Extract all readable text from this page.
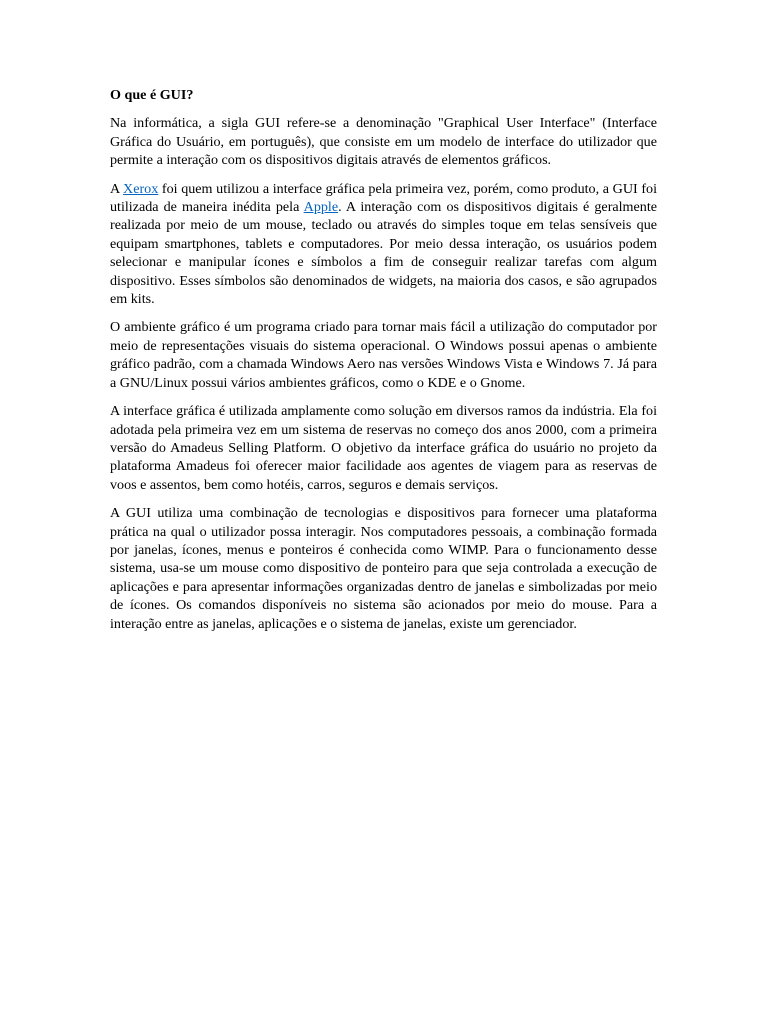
O que é GUI?

Na informática, a sigla GUI refere-se a denominação "Graphical User Interface" (Interface Gráfica do Usuário, em português), que consiste em um modelo de interface do utilizador que permite a interação com os dispositivos digitais através de elementos gráficos.

A Xerox foi quem utilizou a interface gráfica pela primeira vez, porém, como produto, a GUI foi utilizada de maneira inédita pela Apple. A interação com os dispositivos digitais é geralmente realizada por meio de um mouse, teclado ou através do simples toque em telas sensíveis que equipam smartphones, tablets e computadores. Por meio dessa interação, os usuários podem selecionar e manipular ícones e símbolos a fim de conseguir realizar tarefas com algum dispositivo. Esses símbolos são denominados de widgets, na maioria dos casos, e são agrupados em kits.

O ambiente gráfico é um programa criado para tornar mais fácil a utilização do computador por meio de representações visuais do sistema operacional. O Windows possui apenas o ambiente gráfico padrão, com a chamada Windows Aero nas versões Windows Vista e Windows 7. Já para a GNU/Linux possui vários ambientes gráficos, como o KDE e o Gnome.

A interface gráfica é utilizada amplamente como solução em diversos ramos da indústria. Ela foi adotada pela primeira vez em um sistema de reservas no começo dos anos 2000, com a primeira versão do Amadeus Selling Platform. O objetivo da interface gráfica do usuário no projeto da plataforma Amadeus foi oferecer maior facilidade aos agentes de viagem para as reservas de voos e assentos, bem como hotéis, carros, seguros e demais serviços.

A GUI utiliza uma combinação de tecnologias e dispositivos para fornecer uma plataforma prática na qual o utilizador possa interagir. Nos computadores pessoais, a combinação formada por janelas, ícones, menus e ponteiros é conhecida como WIMP. Para o funcionamento desse sistema, usa-se um mouse como dispositivo de ponteiro para que seja controlada a execução de aplicações e para apresentar informações organizadas dentro de janelas e simbolizadas por meio de ícones. Os comandos disponíveis no sistema são acionados por meio do mouse. Para a interação entre as janelas, aplicações e o sistema de janelas, existe um gerenciador.
